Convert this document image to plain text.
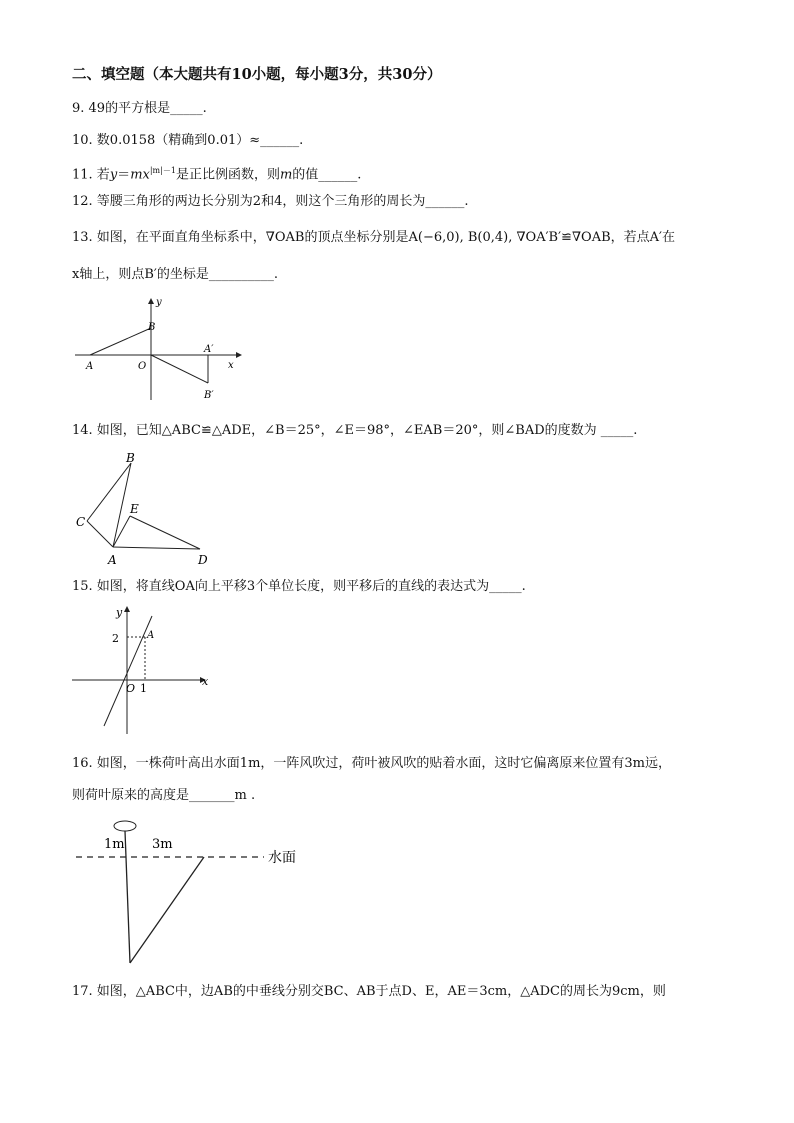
二、填空题（本大题共有10小题，每小题3分，共30分）
9. 49的平方根是_____.
10. 数0.0158（精确到0.01）≈______.
11. 若$y=mx^{|m|-1}$是正比例函数，则m的值______.
12. 等腰三角形的两边长分别为2和4，则这个三角形的周长为______.
13. 如图，在平面直角坐标系中，∇OAB的顶点坐标分别是A(−6,0), B(0,4), ∇OA′B′≌∇OAB，若点A′在
x轴上，则点B′的坐标是__________.
y
x
B
A	O
A′
B′
14. 如图，已知△ABC≌△ADE，∠B＝25°，∠E＝98°，∠EAB＝20°，则∠BAD的度数为 _____.
B
C
E
A	D
15. 如图，将直线OA向上平移3个单位长度，则平移后的直线的表达式为_____.
y
x
2	A
O 1
16. 如图，一株荷叶高出水面1m，一阵风吹过，荷叶被风吹的贴着水面，这时它偏离原来位置有3m远，
则荷叶原来的高度是_______m .
1m 3m
水面
17. 如图，△ABC中，边AB的中垂线分别交BC、AB于点D、E，AE＝3cm，△ADC的周长为9cm，则
